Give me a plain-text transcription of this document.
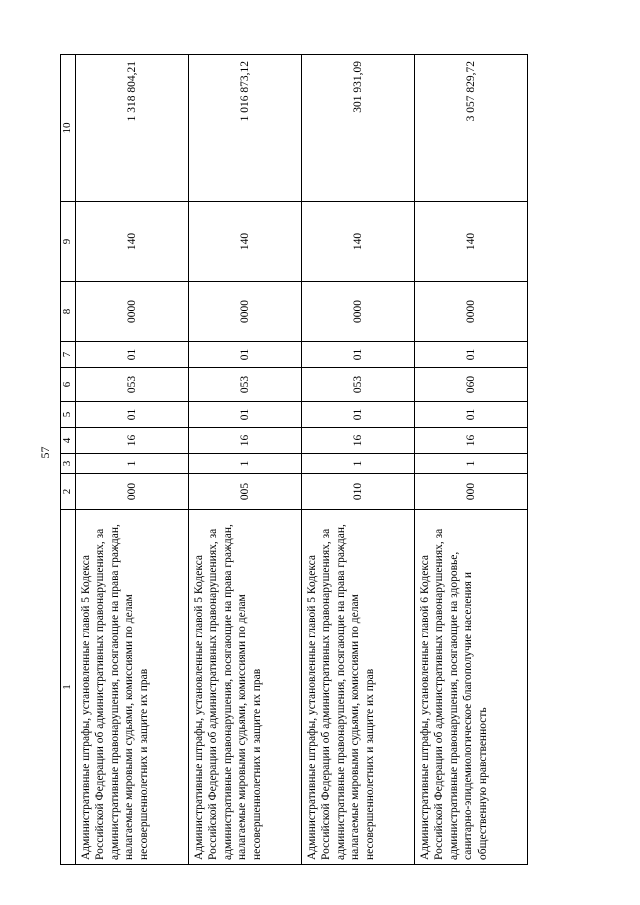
57
1	2	3	4	5	6	7	8	9	10
Административные штрафы, установленные главой 5 Кодекса Российской Федерации об административных правонарушениях, за административные правонарушения, посягающие на права граждан, налагаемые мировыми судьями, комиссиями по делам несовершеннолетних и защите их прав	000	1	16	01	053	01	0000	140	1 318 804,21
Административные штрафы, установленные главой 5 Кодекса Российской Федерации об административных правонарушениях, за административные правонарушения, посягающие на права граждан, налагаемые мировыми судьями, комиссиями по делам несовершеннолетних и защите их прав	005	1	16	01	053	01	0000	140	1 016 873,12
Административные штрафы, установленные главой 5 Кодекса Российской Федерации об административных правонарушениях, за административные правонарушения, посягающие на права граждан, налагаемые мировыми судьями, комиссиями по делам несовершеннолетних и защите их прав	010	1	16	01	053	01	0000	140	301 931,09
Административные штрафы, установленные главой 6 Кодекса Российской Федерации об административных правонарушениях, за административные правонарушения, посягающие на здоровье, санитарно-эпидемиологическое благополучие населения и общественную нравственность	000	1	16	01	060	01	0000	140	3 057 829,72
